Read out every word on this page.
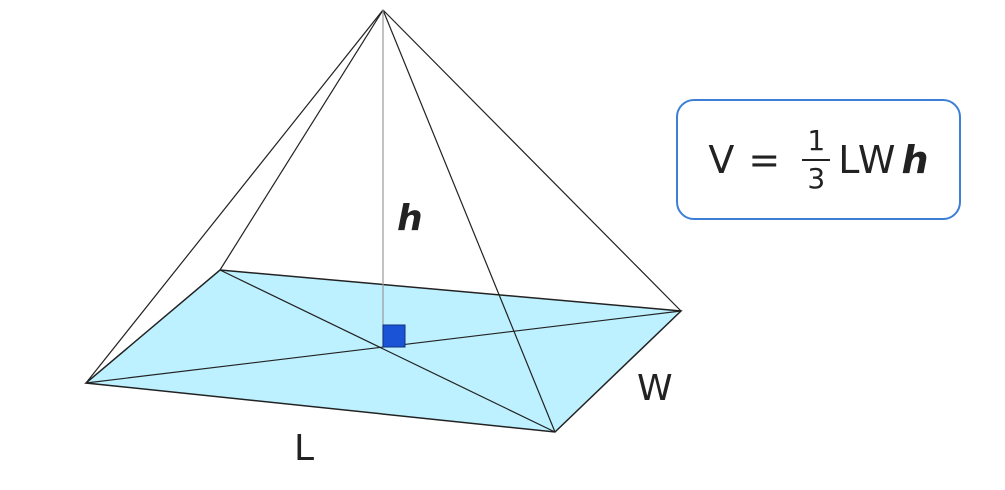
h
L
W
$V = \frac{1}{3}$ LW h
